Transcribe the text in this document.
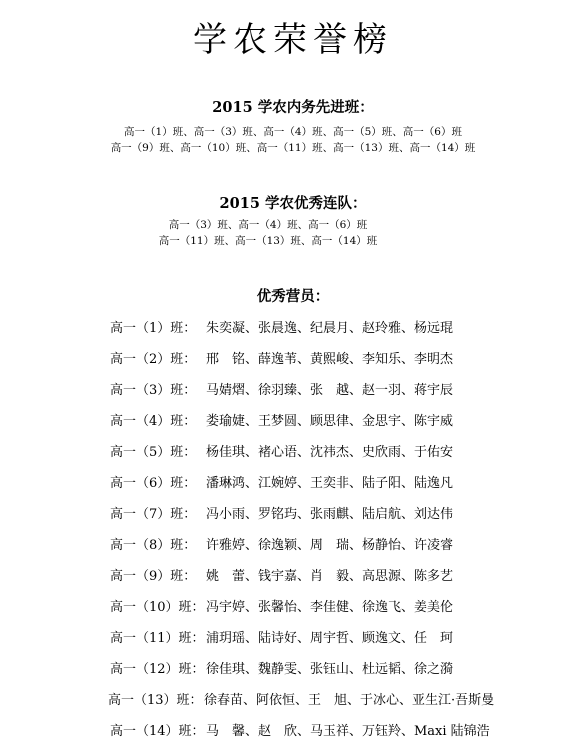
学农荣誉榜
2015 学农内务先进班：
高一（1）班、高一（3）班、高一（4）班、高一（5）班、高一（6）班
高一（9）班、高一（10）班、高一（11）班、高一（13）班、高一（14）班
2015 学农优秀连队：
高一（3）班、高一（4）班、高一（6）班
高一（11）班、高一（13）班、高一（14）班
优秀营员：
高一（1）班： 朱奕凝、张晨逸、纪晨月、赵玲雅、杨远琨
高一（2）班： 邢　铭、薛逸苇、黄熙峻、李知乐、李明杰
高一（3）班： 马婧熠、徐羽臻、张　越、赵一羽、蒋宇辰
高一（4）班： 娄瑜婕、王梦圆、顾思律、金思宇、陈宇威
高一（5）班： 杨佳琪、褚心语、沈祎杰、史欣雨、于佑安
高一（6）班： 潘琳鸿、江婉婷、王奕非、陆子阳、陆逸凡
高一（7）班： 冯小雨、罗铭玙、张雨麒、陆启航、刘达伟
高一（8）班： 许雅婷、徐逸颖、周　瑞、杨静怡、许凌睿
高一（9）班： 姚　蕾、钱宇嘉、肖　毅、高思源、陈多艺
高一（10）班：冯宇婷、张馨怡、李佳健、徐逸飞、姜美伦
高一（11）班：浦玥瑶、陆诗好、周宇哲、顾逸文、任　珂
高一（12）班：徐佳琪、魏静雯、张钰山、杜远韬、徐之漪
高一（13）班：徐春苗、阿依恒、王　旭、于冰心、亚生江·吾斯曼
高一（14）班：马　馨、赵　欣、马玉祥、万钰羚、Maxi 陆锦浩
